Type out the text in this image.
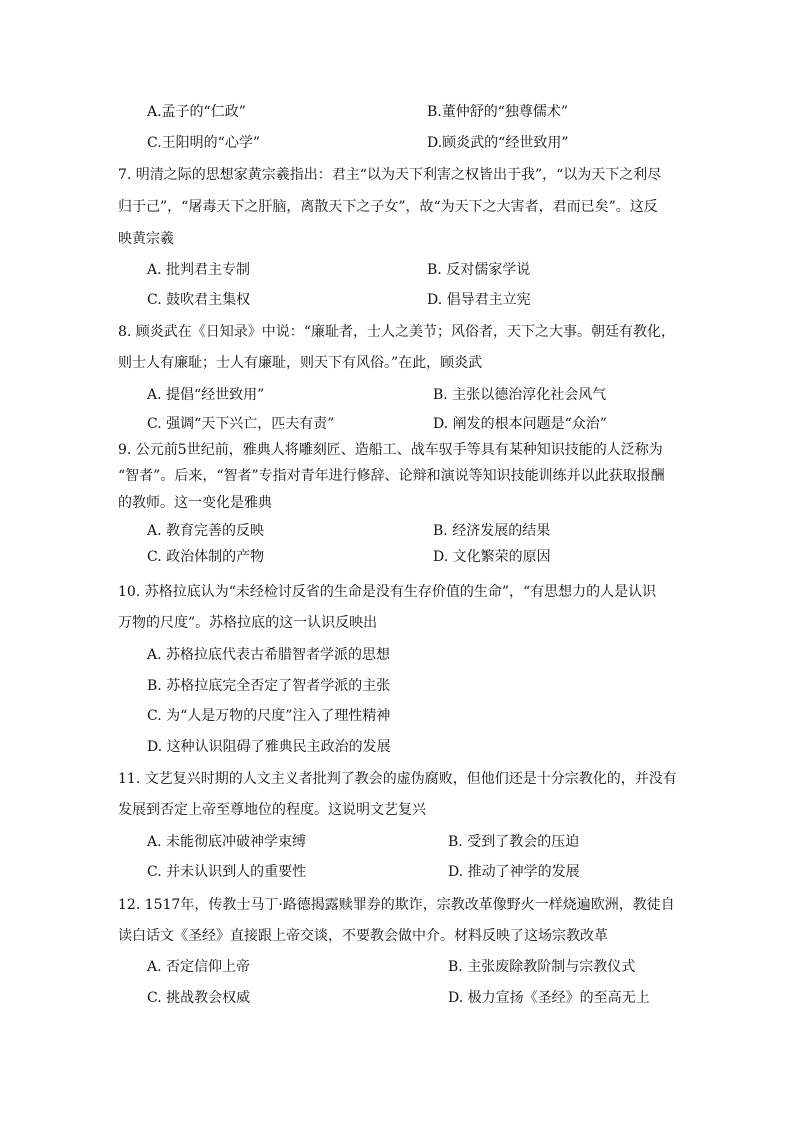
A.孟子的“仁政”	B.董仲舒的“独尊儒术”
C.王阳明的“心学”	D.顾炎武的“经世致用”
7. 明清之际的思想家黄宗羲指出：君主“以为天下利害之权皆出于我”，“以为天下之利尽
归于己”，“屠毒天下之肝脑，离散天下之子女”，故“为天下之大害者，君而已矣”。这反
映黄宗羲
A. 批判君主专制	B. 反对儒家学说
C. 鼓吹君主集权	D. 倡导君主立宪
8. 顾炎武在《日知录》中说：“廉耻者，士人之美节；风俗者，天下之大事。朝廷有教化，
则士人有廉耻；士人有廉耻，则天下有风俗。”在此，顾炎武
A. 提倡“经世致用”	B. 主张以德治淳化社会风气
C. 强调“天下兴亡，匹夫有责”	D. 阐发的根本问题是“众治”
9. 公元前5世纪前，雅典人将雕刻匠、造船工、战车驭手等具有某种知识技能的人泛称为
“智者”。后来，“智者”专指对青年进行修辞、论辩和演说等知识技能训练并以此获取报酬
的教师。这一变化是雅典
A. 教育完善的反映	B. 经济发展的结果
C. 政治体制的产物	D. 文化繁荣的原因
10. 苏格拉底认为“未经检讨反省的生命是没有生存价值的生命”，“有思想力的人是认识
万物的尺度”。苏格拉底的这一认识反映出
A. 苏格拉底代表古希腊智者学派的思想
B. 苏格拉底完全否定了智者学派的主张
C. 为“人是万物的尺度”注入了理性精神
D. 这种认识阻碍了雅典民主政治的发展
11. 文艺复兴时期的人文主义者批判了教会的虚伪腐败，但他们还是十分宗教化的，并没有
发展到否定上帝至尊地位的程度。这说明文艺复兴
A. 未能彻底冲破神学束缚	B. 受到了教会的压迫
C. 并未认识到人的重要性	D. 推动了神学的发展
12. 1517年，传教士马丁·路德揭露赎罪券的欺诈，宗教改革像野火一样烧遍欧洲，教徒自
读白话文《圣经》直接跟上帝交谈，不要教会做中介。材料反映了这场宗教改革
A. 否定信仰上帝	B. 主张废除教阶制与宗教仪式
C. 挑战教会权威	D. 极力宣扬《圣经》的至高无上
